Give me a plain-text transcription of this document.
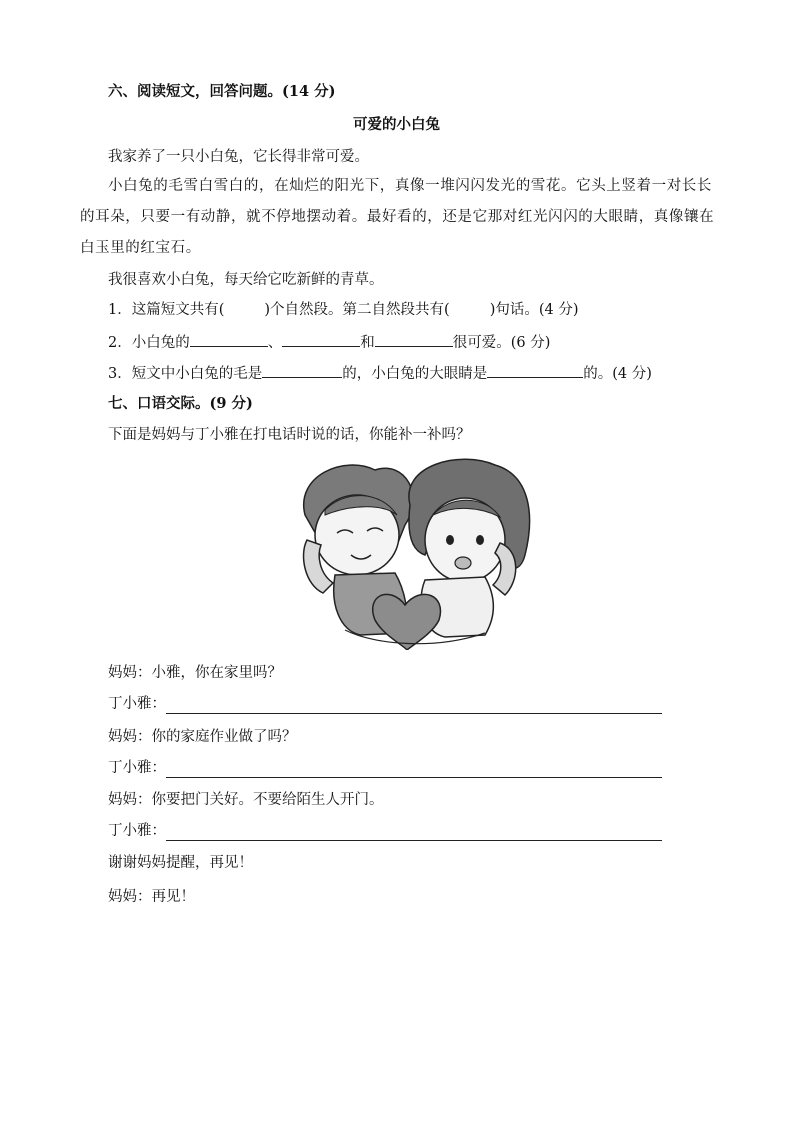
六、阅读短文，回答问题。(14 分)
可爱的小白兔
我家养了一只小白兔，它长得非常可爱。
小白兔的毛雪白雪白的，在灿烂的阳光下，真像一堆闪闪发光的雪花。它头上竖着一对长长的耳朵，只要一有动静，就不停地摆动着。最好看的，还是它那对红光闪闪的大眼睛，真像镶在白玉里的红宝石。
我很喜欢小白兔，每天给它吃新鲜的青草。
1．这篇短文共有(	)个自然段。第二自然段共有(	)句话。(4 分)
2．小白兔的	、	和	很可爱。(6 分)
3．短文中小白兔的毛是	的，小白兔的大眼睛是	的。(4 分)
七、口语交际。(9 分)
下面是妈妈与丁小雅在打电话时说的话，你能补一补吗？
妈妈：小雅，你在家里吗？
丁小雅：
妈妈：你的家庭作业做了吗？
丁小雅：
妈妈：你要把门关好。不要给陌生人开门。
丁小雅：
谢谢妈妈提醒，再见！
妈妈：再见！
